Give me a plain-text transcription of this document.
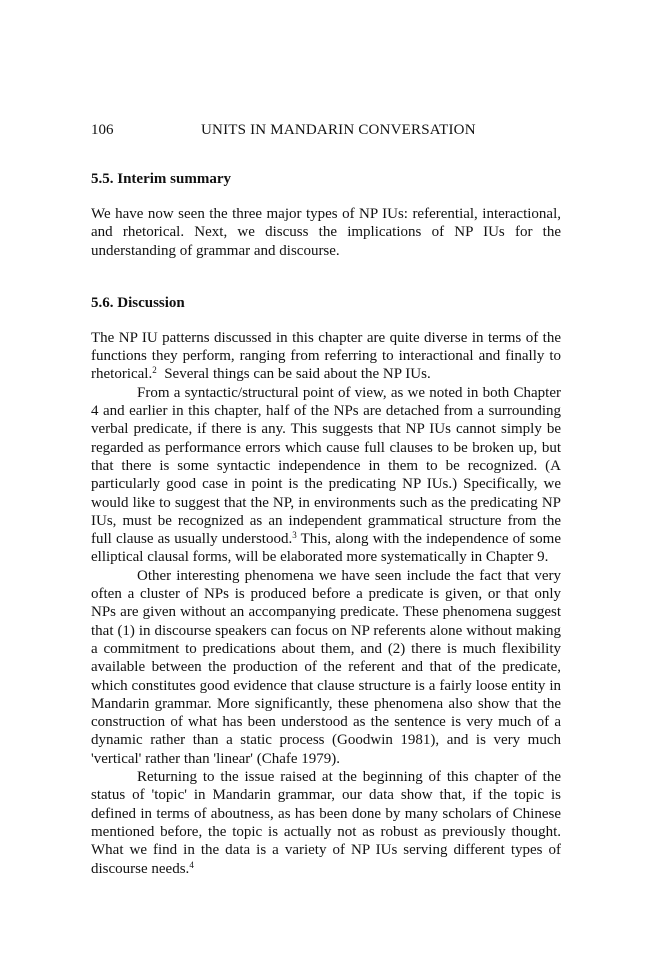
106	UNITS IN MANDARIN CONVERSATION
5.5. Interim summary

We have now seen the three major types of NP IUs: referential, interactional, and rhetorical. Next, we discuss the implications of NP IUs for the understanding of grammar and discourse.

5.6. Discussion

The NP IU patterns discussed in this chapter are quite diverse in terms of the functions they perform, ranging from referring to interactional and finally to rhetorical.$^2$ Several things can be said about the NP IUs.

From a syntactic/structural point of view, as we noted in both Chapter 4 and earlier in this chapter, half of the NPs are detached from a surrounding verbal predicate, if there is any. This suggests that NP IUs cannot simply be regarded as performance errors which cause full clauses to be broken up, but that there is some syntactic independence in them to be recognized. (A particularly good case in point is the predicating NP IUs.) Specifically, we would like to suggest that the NP, in environments such as the predicating NP IUs, must be recognized as an independent grammatical structure from the full clause as usually understood.$^3$ This, along with the independence of some elliptical clausal forms, will be elaborated more systematically in Chapter 9.

Other interesting phenomena we have seen include the fact that very often a cluster of NPs is produced before a predicate is given, or that only NPs are given without an accompanying predicate. These phenomena suggest that (1) in discourse speakers can focus on NP referents alone without making a commitment to predications about them, and (2) there is much flexibility available between the production of the referent and that of the predicate, which constitutes good evidence that clause structure is a fairly loose entity in Mandarin grammar. More significantly, these phenomena also show that the construction of what has been understood as the sentence is very much of a dynamic rather than a static process (Goodwin 1981), and is very much 'vertical' rather than 'linear' (Chafe 1979).

Returning to the issue raised at the beginning of this chapter of the status of 'topic' in Mandarin grammar, our data show that, if the topic is defined in terms of aboutness, as has been done by many scholars of Chinese mentioned before, the topic is actually not as robust as previously thought. What we find in the data is a variety of NP IUs serving different types of discourse needs.$^4$
